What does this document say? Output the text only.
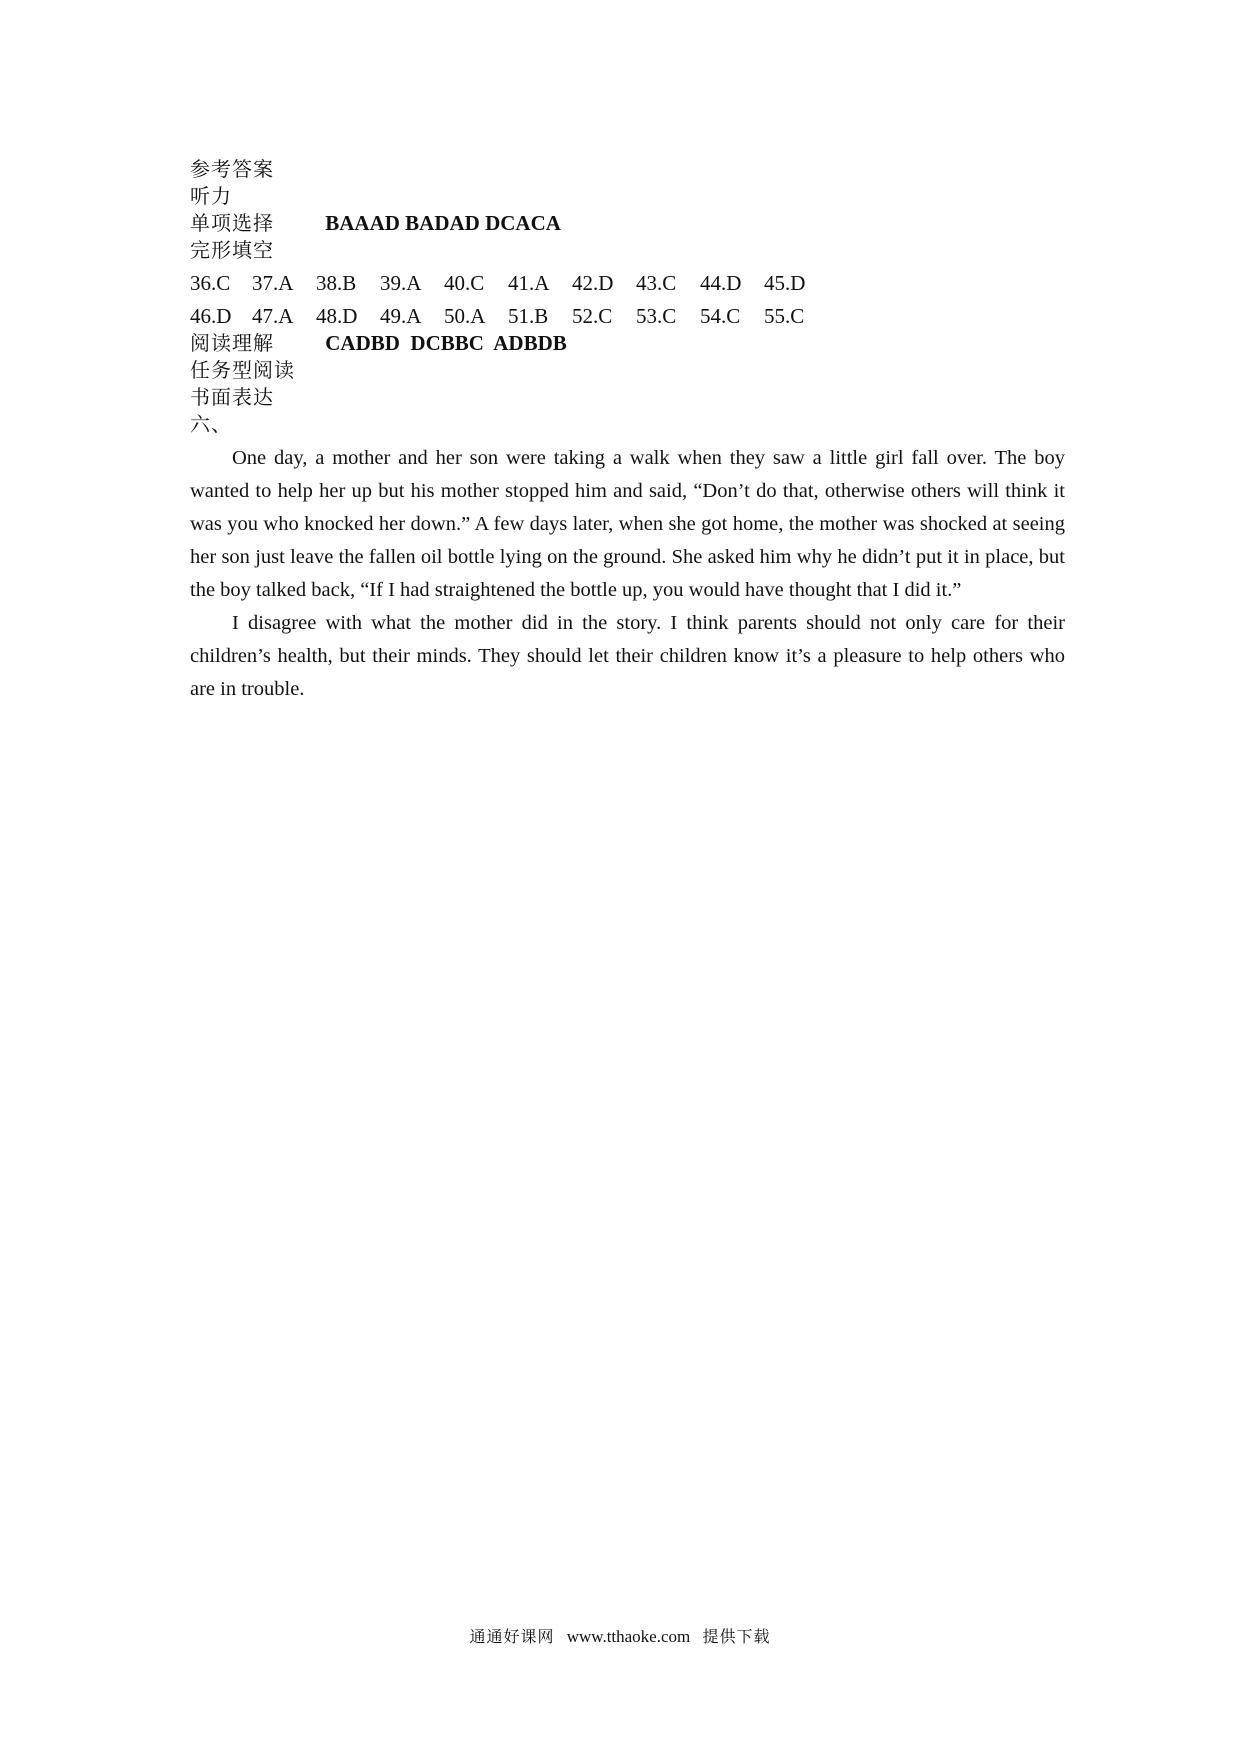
参考答案
听力
单项选择 BAAAD BADAD DCACA
完形填空
36.C 37.A 38.B 39.A 40.C 41.A 42.D 43.C 44.D 45.D
46.D 47.A 48.D 49.A 50.A 51.B 52.C 53.C 54.C 55.C
阅读理解 CADBD  DCBBC  ADBDB
任务型阅读
书面表达
六、

One day, a mother and her son were taking a walk when they saw a little girl fall over. The boy wanted to help her up but his mother stopped him and said, “Don’t do that, otherwise others will think it was you who knocked her down.” A few days later, when she got home, the mother was shocked at seeing her son just leave the fallen oil bottle lying on the ground. She asked him why he didn’t put it in place, but the boy talked back, “If I had straightened the bottle up, you would have thought that I did it.”

I disagree with what the mother did in the story. I think parents should not only care for their children’s health, but their minds. They should let their children know it’s a pleasure to help others who are in trouble.

通通好课网 www.tthaoke.com 提供下载
